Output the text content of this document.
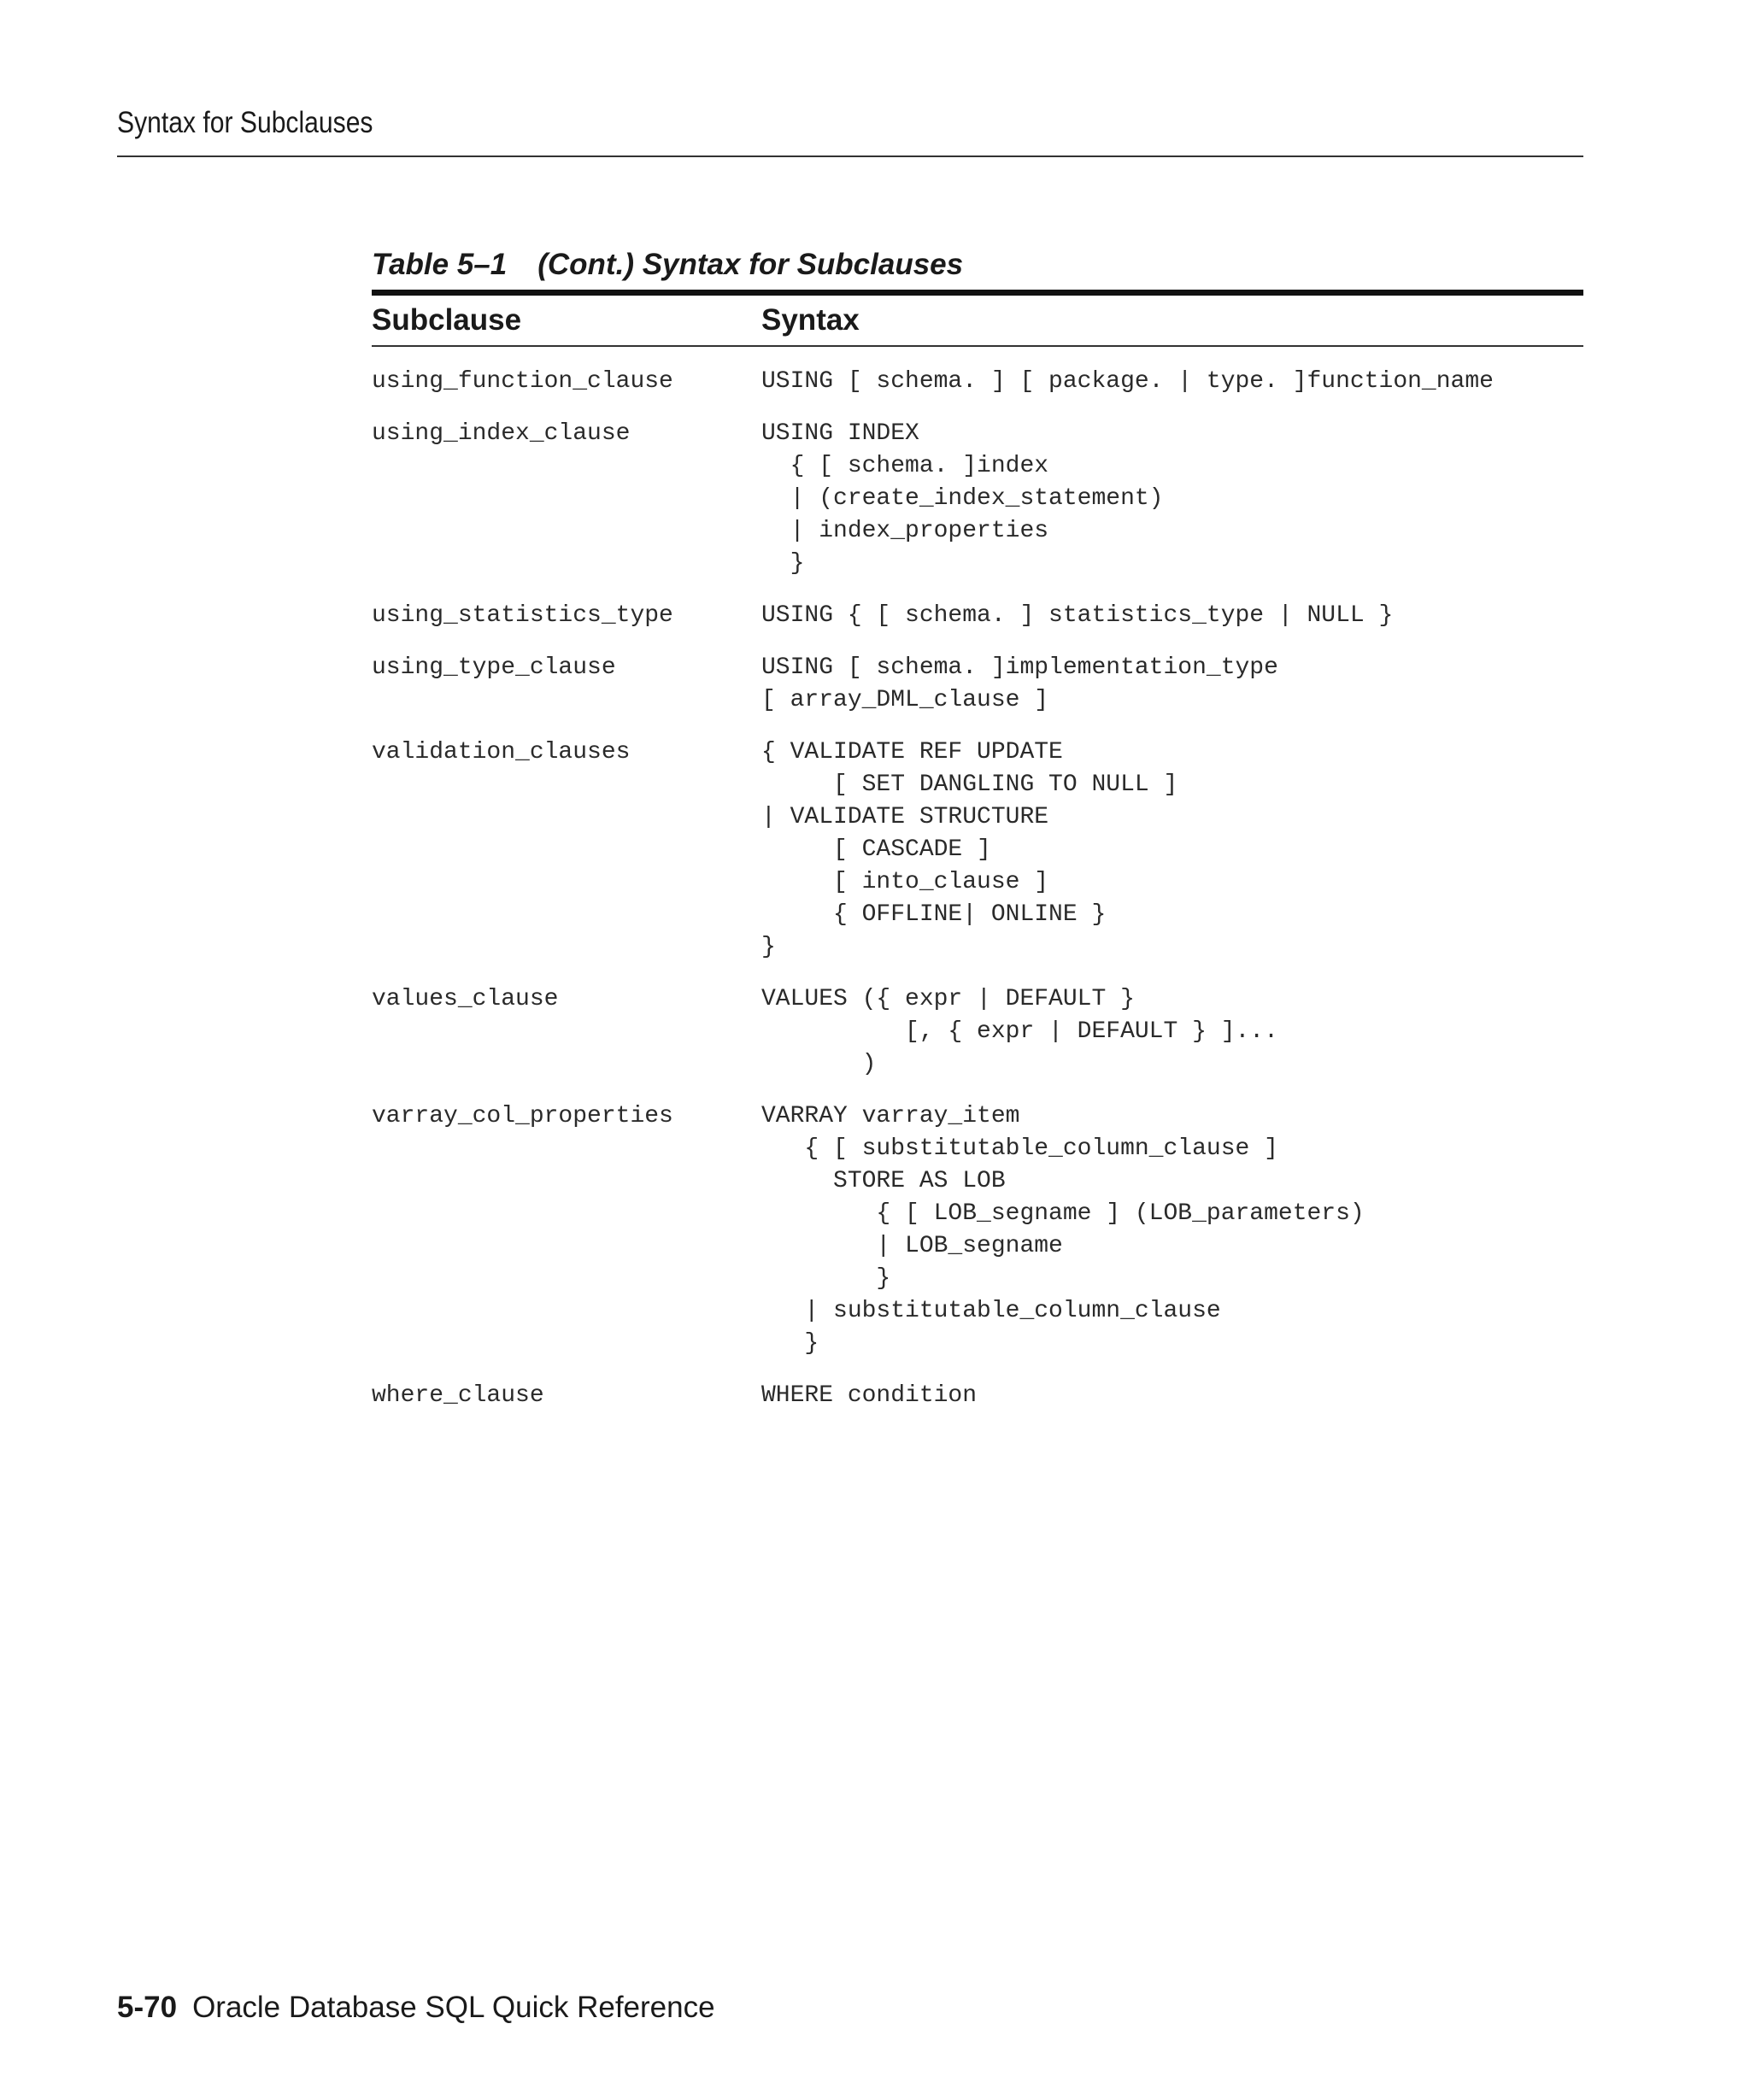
Syntax for Subclauses
Table 5–1 (Cont.) Syntax for Subclauses
Subclause	Syntax
using_function_clause	USING [ schema. ] [ package. | type. ]function_name
using_index_clause	USING INDEX
{ [ schema. ]index
| (create_index_statement)
| index_properties
}
using_statistics_type	USING { [ schema. ] statistics_type | NULL }
using_type_clause	USING [ schema. ]implementation_type
[ array_DML_clause ]
validation_clauses	{ VALIDATE REF UPDATE
[ SET DANGLING TO NULL ]
| VALIDATE STRUCTURE
[ CASCADE ]
[ into_clause ]
{ OFFLINE| ONLINE }
}
values_clause	VALUES ({ expr | DEFAULT }
[, { expr | DEFAULT } ]...
)
varray_col_properties	VARRAY varray_item
{ [ substitutable_column_clause ]
STORE AS LOB
{ [ LOB_segname ] (LOB_parameters)
| LOB_segname
}
| substitutable_column_clause
}
where_clause	WHERE condition
5-70 Oracle Database SQL Quick Reference
